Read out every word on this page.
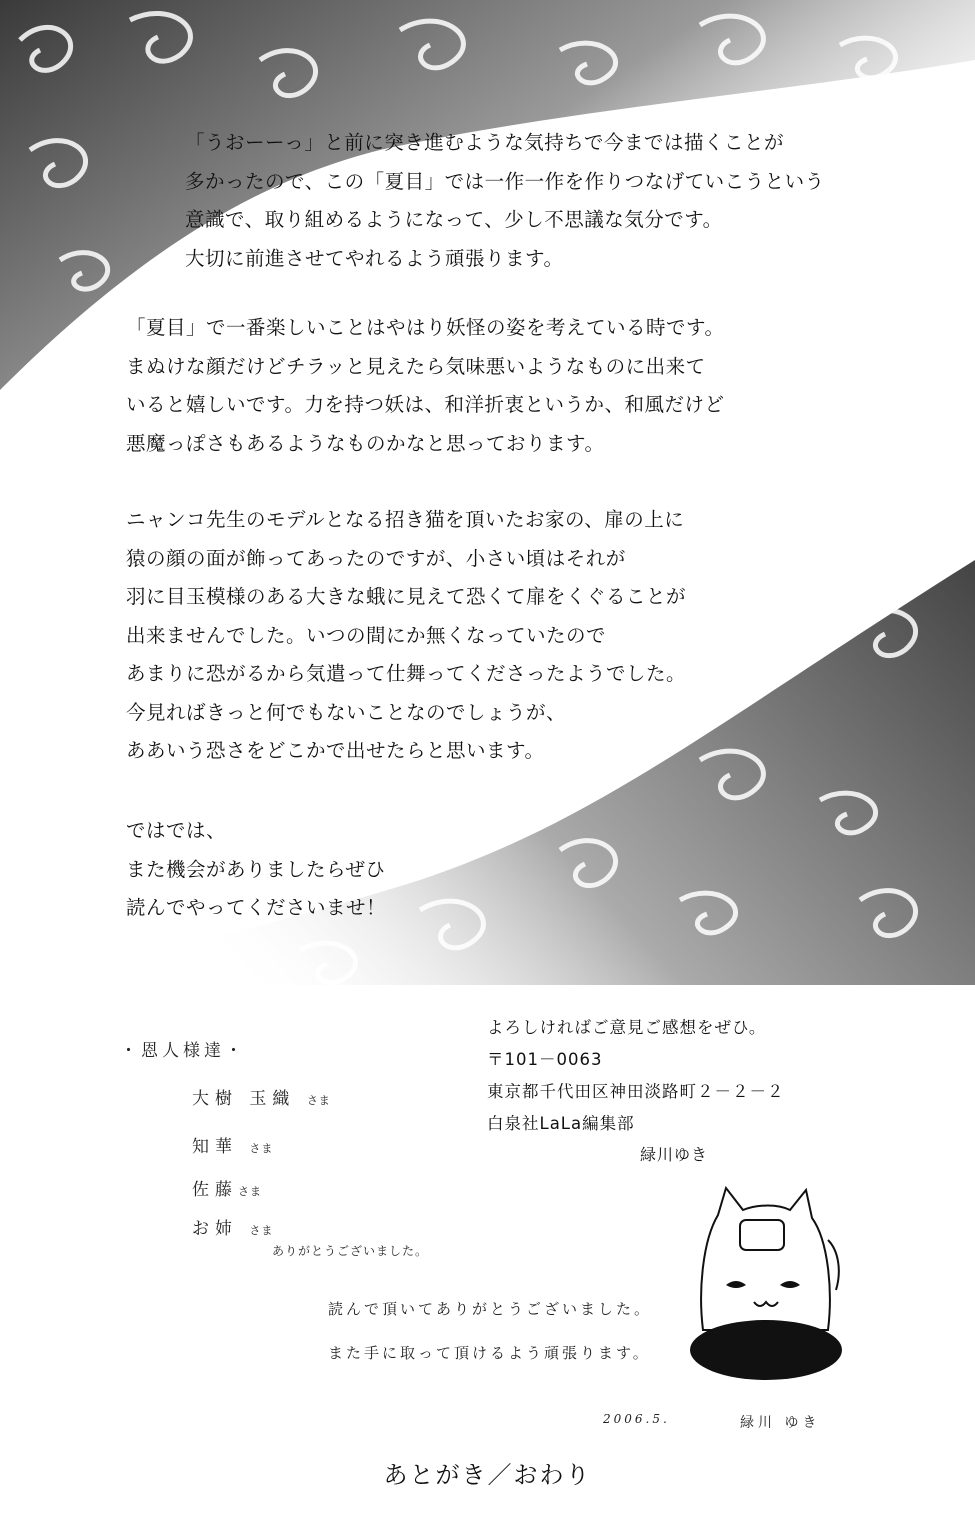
「うおーーっ」と前に突き進むような気持ちで今までは描くことが
多かったので、この「夏目」では一作一作を作りつなげていこうという
意識で、取り組めるようになって、少し不思議な気分です。
大切に前進させてやれるよう頑張ります。
「夏目」で一番楽しいことはやはり妖怪の姿を考えている時です。
まぬけな顔だけどチラッと見えたら気味悪いようなものに出来て
いると嬉しいです。力を持つ妖は、和洋折衷というか、和風だけど
悪魔っぽさもあるようなものかなと思っております。
ニャンコ先生のモデルとなる招き猫を頂いたお家の、扉の上に
猿の顔の面が飾ってあったのですが、小さい頃はそれが
羽に目玉模様のある大きな蛾に見えて恐くて扉をくぐることが
出来ませんでした。いつの間にか無くなっていたので
あまりに恐がるから気遣って仕舞ってくださったようでした。
今見ればきっと何でもないことなのでしょうが、
ああいう恐さをどこかで出せたらと思います。
ではでは、
また機会がありましたらぜひ
読んでやってくださいませ！
・恩人様達・
大樹 玉織 さま
知華 さま
佐藤さま
お姉 さま
ありがとうございました。
よろしければご意見ご感想をぜひ。
〒101－0063
東京都千代田区神田淡路町２－２－２
白泉社LaLa編集部
緑川ゆき
読んで頂いてありがとうございました。
また手に取って頂けるよう頑張ります。
2006.5.	緑川 ゆき
あとがき／おわり
